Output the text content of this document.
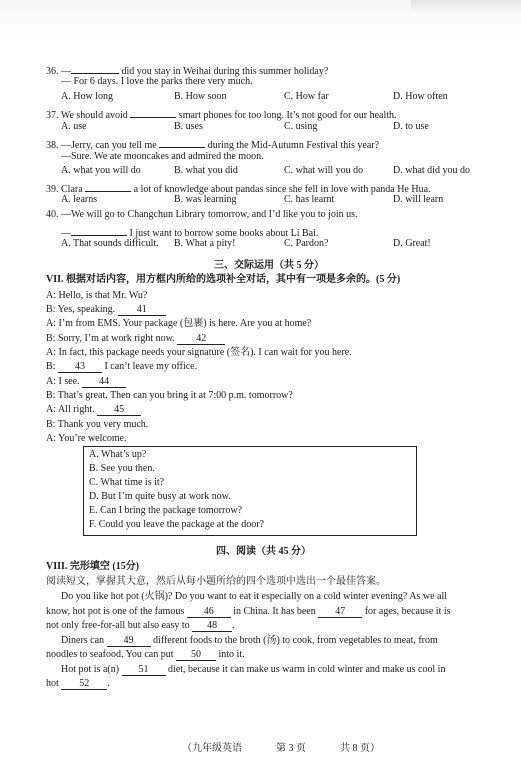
36. —	did you stay in Weihai during this summer holiday?
— For 6 days. I love the parks there very much.
A. How long	B. How soon	C. How far	D. How often
37. We should avoid	smart phones for too long. It’s not good for our health.
A. use	B. uses	C. using	D. to use
38. —Jerry, can you tell me	during the Mid-Autumn Festival this year?
—Sure. We ate mooncakes and admired the moon.
A. what you will do	B. what you did	C. what will you do	D. what did you do
39. Clara	a lot of knowledge about pandas since she fell in love with panda He Hua.
A. learns	B. was learning	C. has learnt	D. will learn
40. —We will go to Changchun Library tomorrow, and I’d like you to join us.
—	I just want to borrow some books about Li Bai.
A. That sounds difficult. B. What a pity!	C. Pardon?	D. Great!
三、交际运用（共 5 分）
VII. 根据对话内容，用方框内所给的选项补全对话，其中有一项是多余的。(5 分)
A: Hello, is that Mr. Wu?
B: Yes, speaking. 41
A: I’m from EMS. Your package (包裹) is here. Are you at home?
B: Sorry, I’m at work right now. 42
A: In fact, this package needs your signature (签名). I can wait for you here.
B: 43 I can’t leave my office.
A: I see. 44
B: That’s great. Then can you bring it at 7:00 p.m. tomorrow?
A: All right. 45
B: Thank you very much.
A: You’re welcome.
A. What’s up?
B. See you then.
C. What time is it?
D. But I’m quite busy at work now.
E. Can I bring the package tomorrow?
F. Could you leave the package at the door?
四、阅读（共 45 分）
VIII. 完形填空 (15分)
阅读短文，掌握其大意，然后从每小题所给的四个选项中选出一个最佳答案。
Do you like hot pot (火锅)? Do you want to eat it especially on a cold winter evening? As we all
know, hot pot is one of the famous 46 in China. It has been 47 for ages, because it is
not only free-for-all but also easy to 48 .
Diners can 49 different foods to the broth (汤) to cook, from vegetables to meat, from
noodles to seafood. You can put 50 into it.
Hot pot is a(n) 51 diet, because it can make us warm in cold winter and make us cool in
hot 52 .
（九年级英语	第 3 页	共 8 页）
